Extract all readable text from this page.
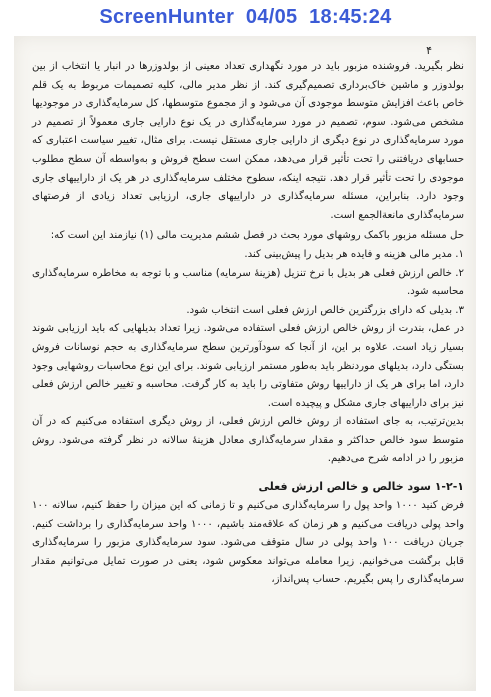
ScreenHunter  04/05  18:45:24
۴

نظر بگیرید. فروشنده مزبور باید در مورد نگهداری تعداد معینی از بولدوزرها در انبار یا انتخاب از بین بولدوزر و ماشین خاک‌برداری تصمیم‌گیری کند. از نظر مدیر مالی، کلیه تصمیمات مربوط به یک قلم خاص باعث افزایش متوسط موجودی آن می‌شود و از مجموع متوسطها، کل سرمایه‌گذاری در موجودیها مشخص می‌شود. سوم، تصمیم در مورد سرمایه‌گذاری در یک نوع دارایی جاری معمولاً از تصمیم در مورد سرمایه‌گذاری در نوع دیگری از دارایی جاری مستقل نیست. برای مثال، تغییر سیاست اعتباری که حسابهای دریافتنی را تحت تأثیر قرار می‌دهد، ممکن است سطح فروش و به‌واسطه آن سطح مطلوب موجودی را تحت تأثیر قرار دهد. نتیجه اینکه، سطوح مختلف سرمایه‌گذاری در هر یک از داراییهای جاری وجود دارد. بنابراین، مسئله سرمایه‌گذاری در داراییهای جاری، ارزیابی تعداد زیادی از فرصتهای سرمایه‌گذاری مانعة‌الجمع است.

حل مسئله مزبور باکمک روشهای مورد بحث در فصل ششم مدیریت مالی (۱) نیازمند این است که:

۱. مدیر مالی هزینه و فایده هر بدیل را پیش‌بینی کند.
۲. خالص ارزش فعلی هر بدیل با نرخ تنزیل (هزینهٔ سرمایه) مناسب و با توجه به مخاطره سرمایه‌گذاری محاسبه شود.
۳. بدیلی که دارای بزرگترین خالص ارزش فعلی است انتخاب شود.

در عمل، بندرت از روش خالص ارزش فعلی استفاده می‌شود. زیرا تعداد بدیلهایی که باید ارزیابی شوند بسیار زیاد است. علاوه بر این، از آنجا که سودآورترین سطح سرمایه‌گذاری به حجم نوسانات فروش بستگی دارد، بدیلهای موردنظر باید به‌طور مستمر ارزیابی شوند. برای این نوع محاسبات روشهایی وجود دارد، اما برای هر یک از داراییها روش متفاوتی را باید به کار گرفت. محاسبه و تغییر خالص ارزش فعلی نیز برای داراییهای جاری مشکل و پیچیده است.

بدین‌ترتیب، به جای استفاده از روش خالص ارزش فعلی، از روش دیگری استفاده می‌کنیم که در آن متوسط سود خالص حداکثر و مقدار سرمایه‌گذاری معادل هزینهٔ سالانه در نظر گرفته می‌شود. روش مزبور را در ادامه شرح می‌دهیم.

۱-۲-۱ سود خالص و خالص ارزش فعلی

فرض کنید ۱۰۰۰ واحد پول را سرمایه‌گذاری می‌کنیم و تا زمانی که این میزان را حفظ کنیم، سالانه ۱۰۰ واحد پولی دریافت می‌کنیم و هر زمان که علاقه‌مند باشیم، ۱۰۰۰ واحد سرمایه‌گذاری را برداشت کنیم. جریان دریافت ۱۰۰ واحد پولی در سال متوقف می‌شود. سود سرمایه‌گذاری مزبور را سرمایه‌گذاری قابل برگشت می‌خوانیم. زیرا معامله می‌تواند معکوس شود، یعنی در صورت تمایل می‌توانیم مقدار سرمایه‌گذاری را پس بگیریم. حساب پس‌انداز،
